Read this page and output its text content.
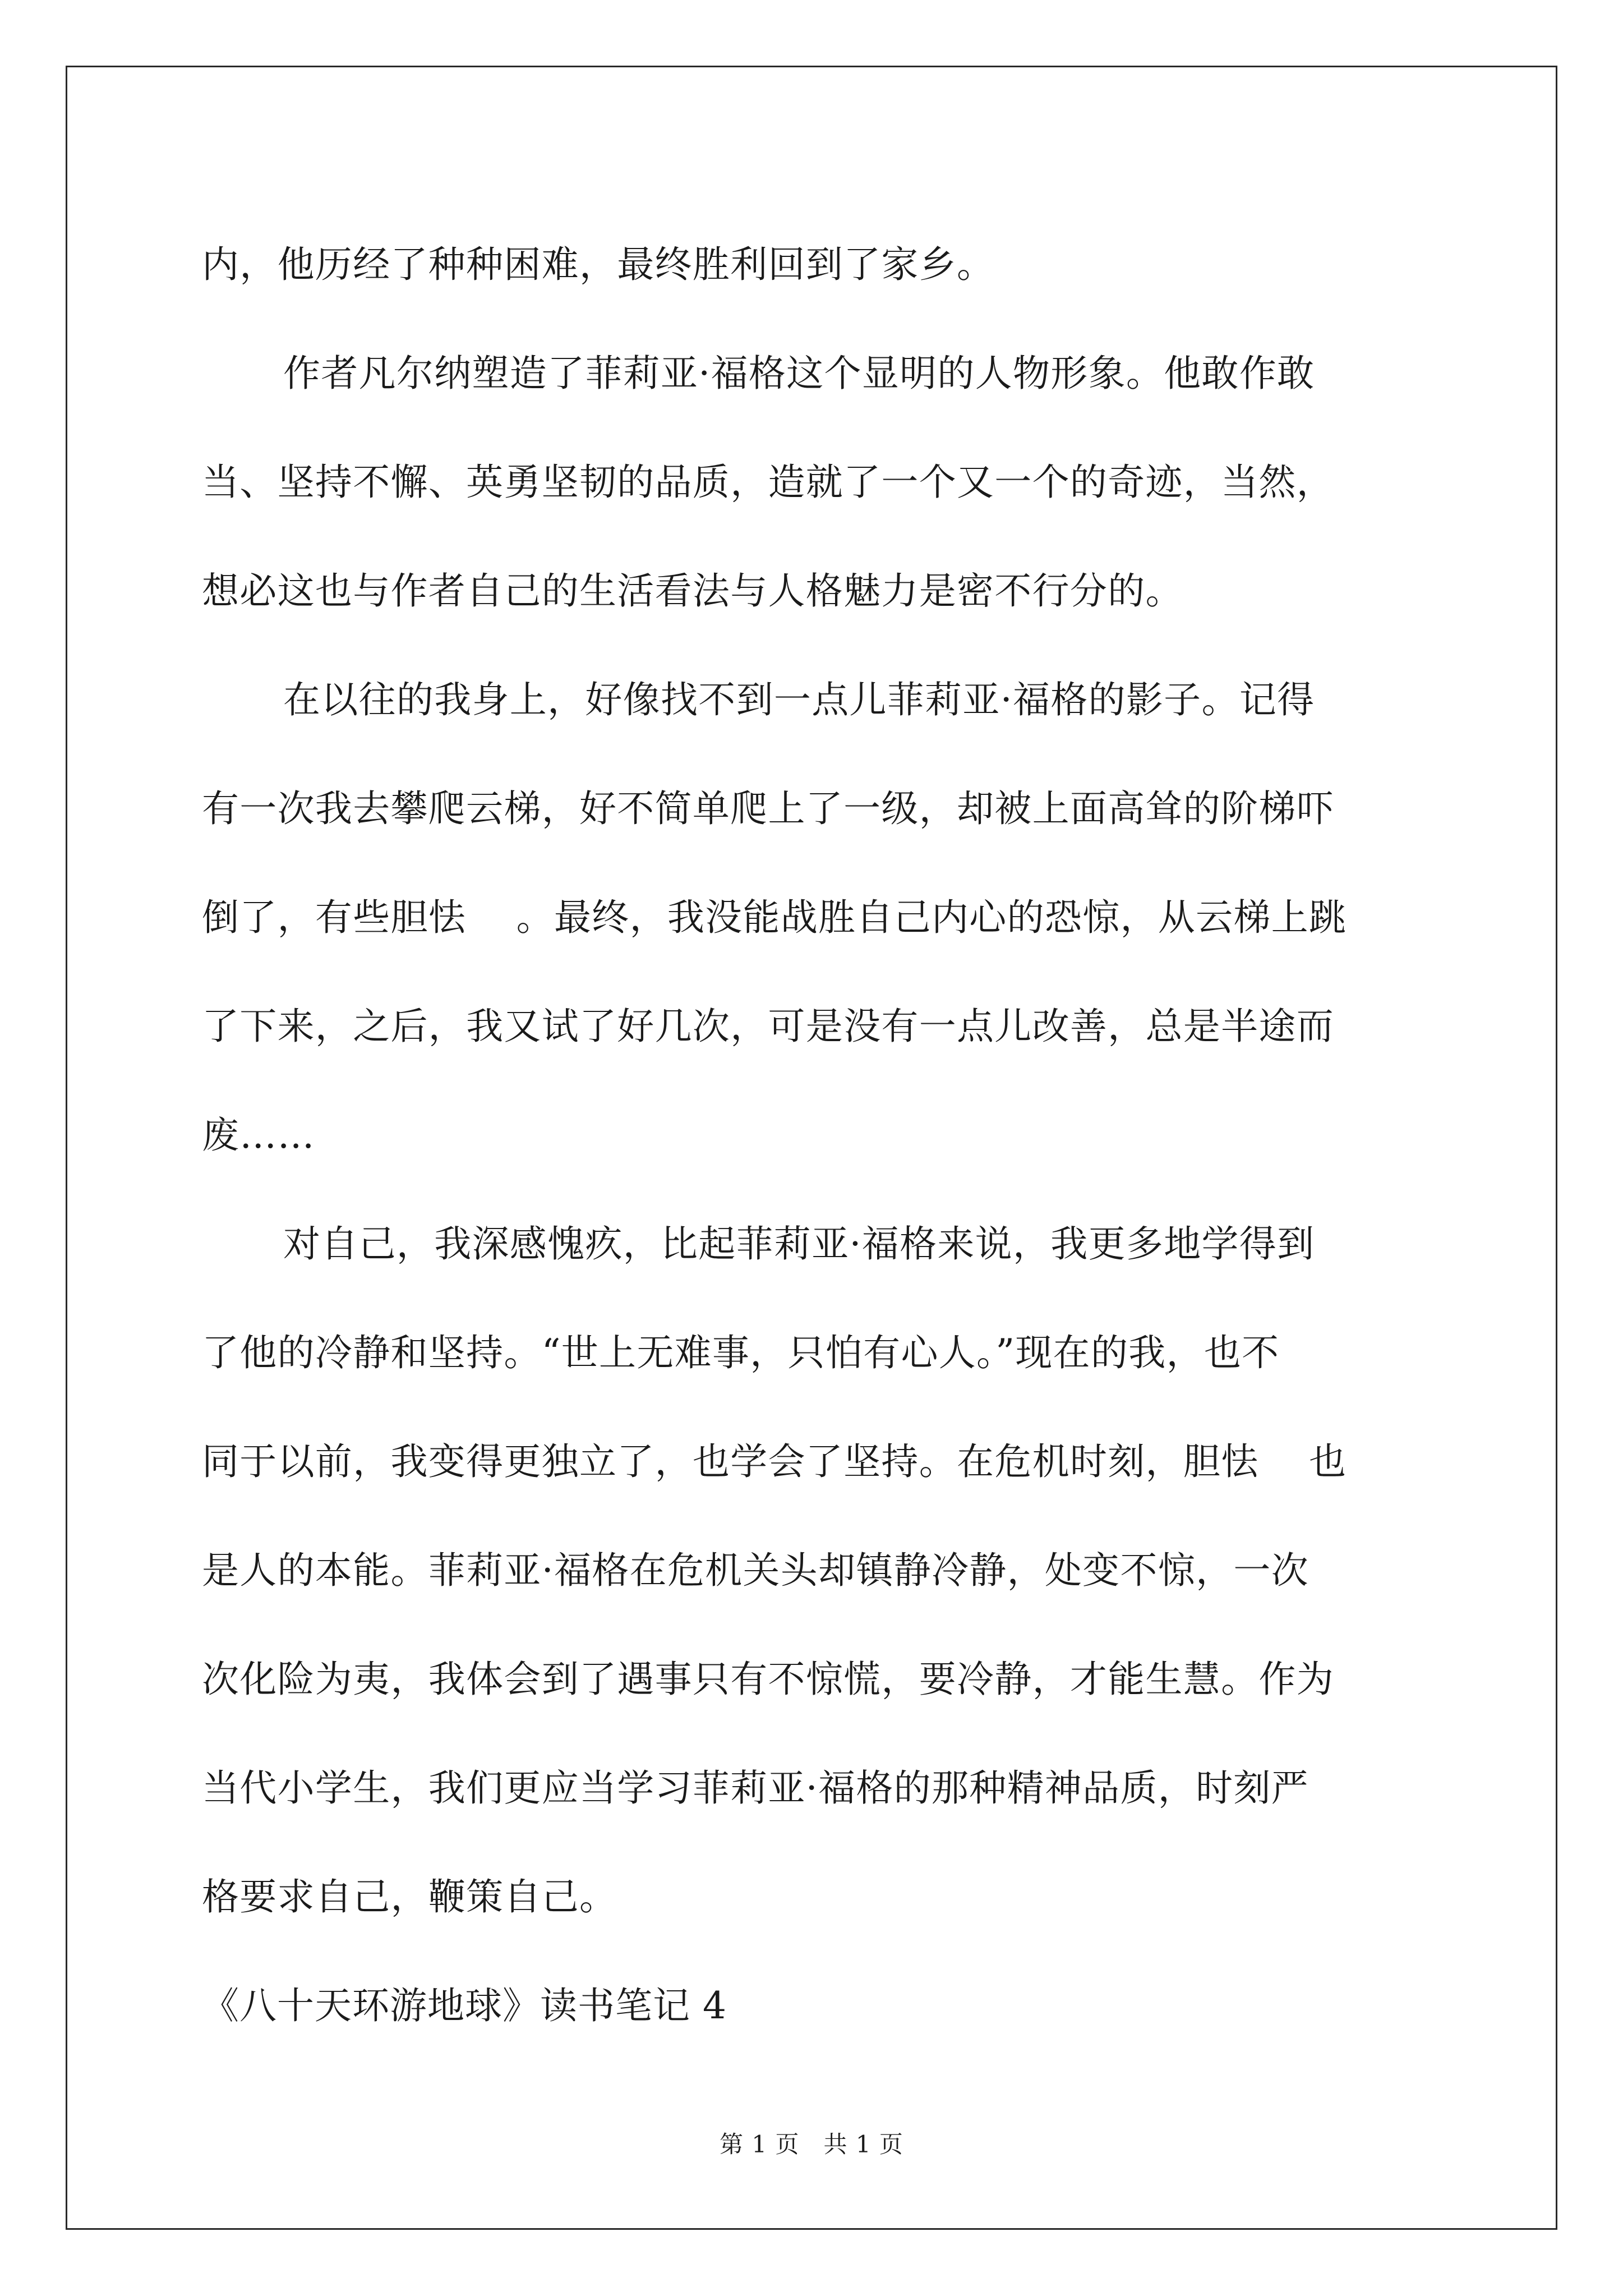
内，他历经了种种困难，最终胜利回到了家乡。
作者凡尔纳塑造了菲莉亚·福格这个显明的人物形象。他敢作敢
当、坚持不懈、英勇坚韧的品质，造就了一个又一个的奇迹，当然，
想必这也与作者自己的生活看法与人格魅力是密不行分的。
在以往的我身上，好像找不到一点儿菲莉亚·福格的影子。记得
有一次我去攀爬云梯，好不简单爬上了一级，却被上面高耸的阶梯吓
倒了，有些胆怯　 。最终，我没能战胜自己内心的恐惊，从云梯上跳
了下来，之后，我又试了好几次，可是没有一点儿改善，总是半途而
废……
对自己，我深感愧疚，比起菲莉亚·福格来说，我更多地学得到
了他的冷静和坚持。“世上无难事，只怕有心人。”现在的我，也不
同于以前，我变得更独立了，也学会了坚持。在危机时刻，胆怯　 也
是人的本能。菲莉亚·福格在危机关头却镇静冷静，处变不惊，一次
次化险为夷，我体会到了遇事只有不惊慌，要冷静，才能生慧。作为
当代小学生，我们更应当学习菲莉亚·福格的那种精神品质，时刻严
格要求自己，鞭策自己。
《八十天环游地球》读书笔记 4
第 1 页　共 1 页
